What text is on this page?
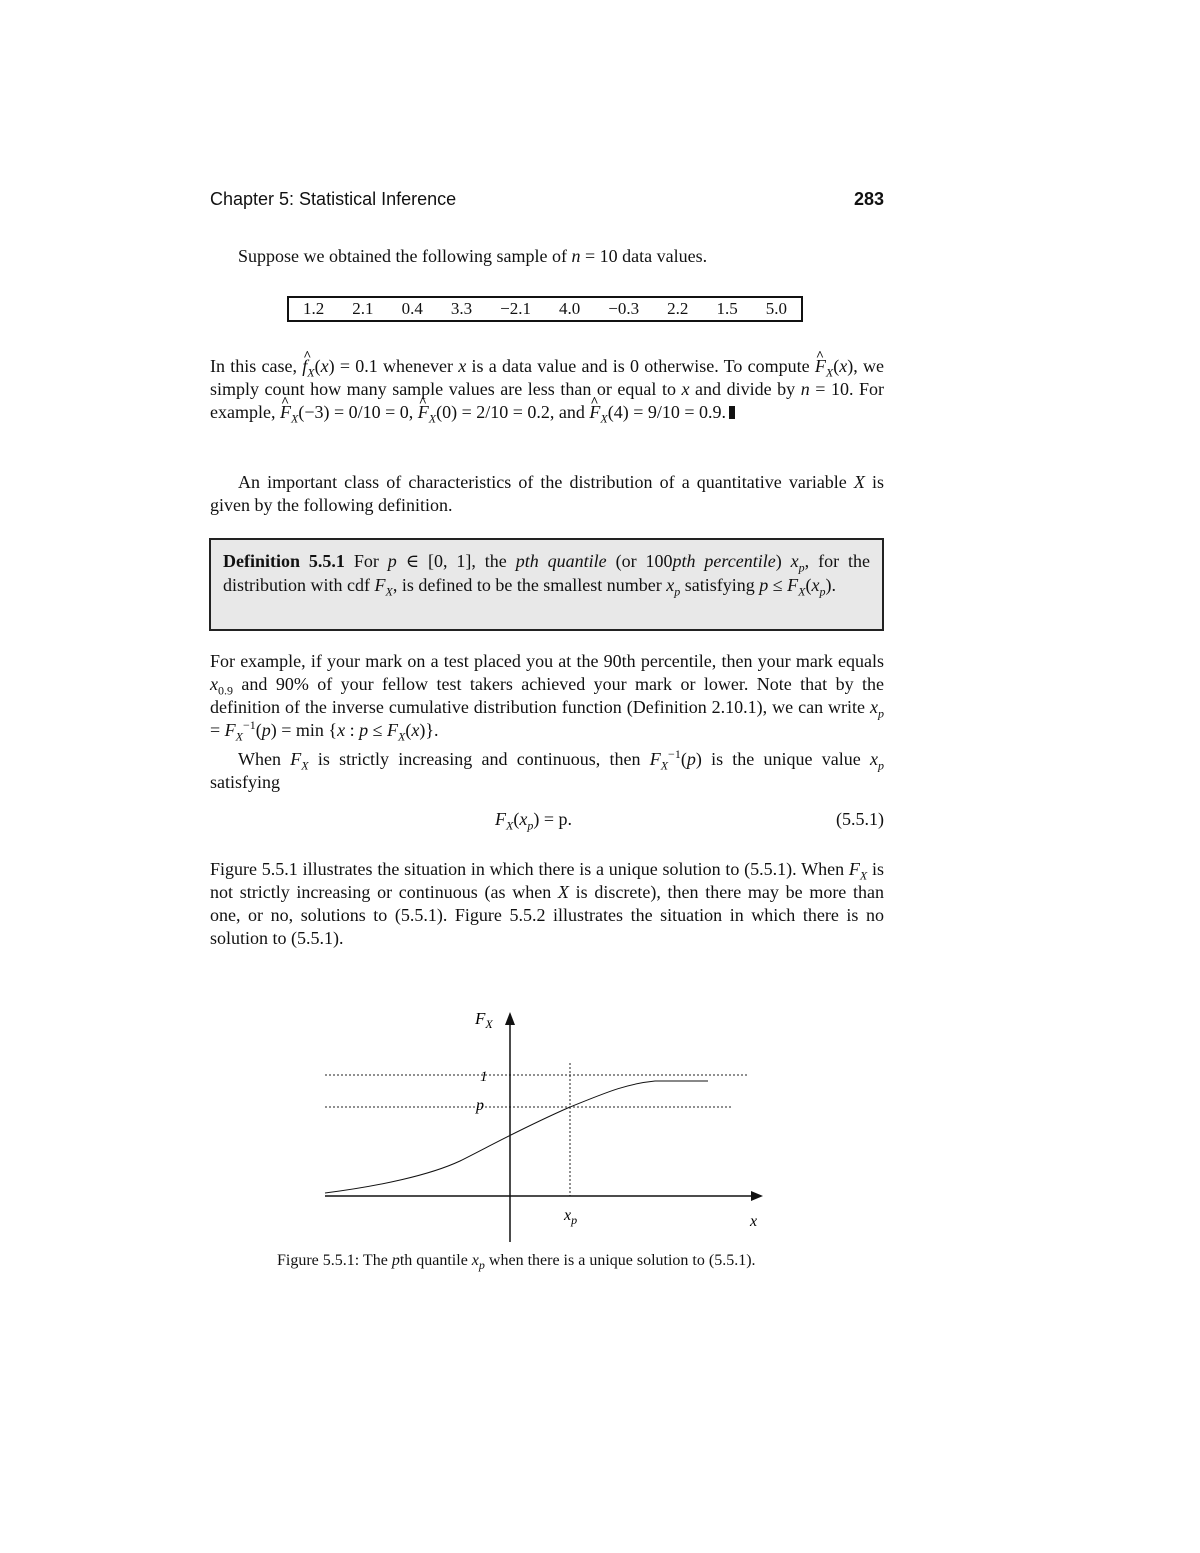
Chapter 5: Statistical Inference	283
Suppose we obtained the following sample of n = 10 data values.
1.2 2.1 0.4 3.3 −2.1 4.0 −0.3 2.2 1.5 5.0
In this case, ^ $f_X(x) = 0.1$ whenever x is a data value and is 0 otherwise. To compute ^ $F_X(x)$, we simply count how many sample values are less than or equal to x and divide by n = 10. For example, ^ $F_X(-3) = 0/10 = 0$, ^ $F_X(0) = 2/10 = 0.2$, and ^ $F_X(4) = 9/10 = 0.9$.
An important class of characteristics of the distribution of a quantitative variable X is given by the following definition.
Definition 5.5.1 For p ∈ [0, 1], the pth quantile (or 100pth percentile) $x_p$, for the distribution with cdf $F_X$, is defined to be the smallest number $x_p$ satisfying $p \le F_X(x_p)$.
For example, if your mark on a test placed you at the 90th percentile, then your mark equals $x_{0.9}$ and 90% of your fellow test takers achieved your mark or lower. Note that by the definition of the inverse cumulative distribution function (Definition 2.10.1), we can write $x_p = F_X^{-1}(p) = \min \{x$ : $p \le F_X(x)$}.
When $F_X$ is strictly increasing and continuous, then $F_X^{-1}(p)$ is the unique value $x_p$ satisfying
$F_X(x_p) = p$.	(5.5.1)
Figure 5.5.1 illustrates the situation in which there is a unique solution to (5.5.1). When $F_X$ is not strictly increasing or continuous (as when X is discrete), then there may be more than one, or no, solutions to (5.5.1). Figure 5.5.2 illustrates the situation in which there is no solution to (5.5.1).
$F_X$
1
p
$x_p$	x
Figure 5.5.1: The pth quantile $x_p$ when there is a unique solution to (5.5.1).
